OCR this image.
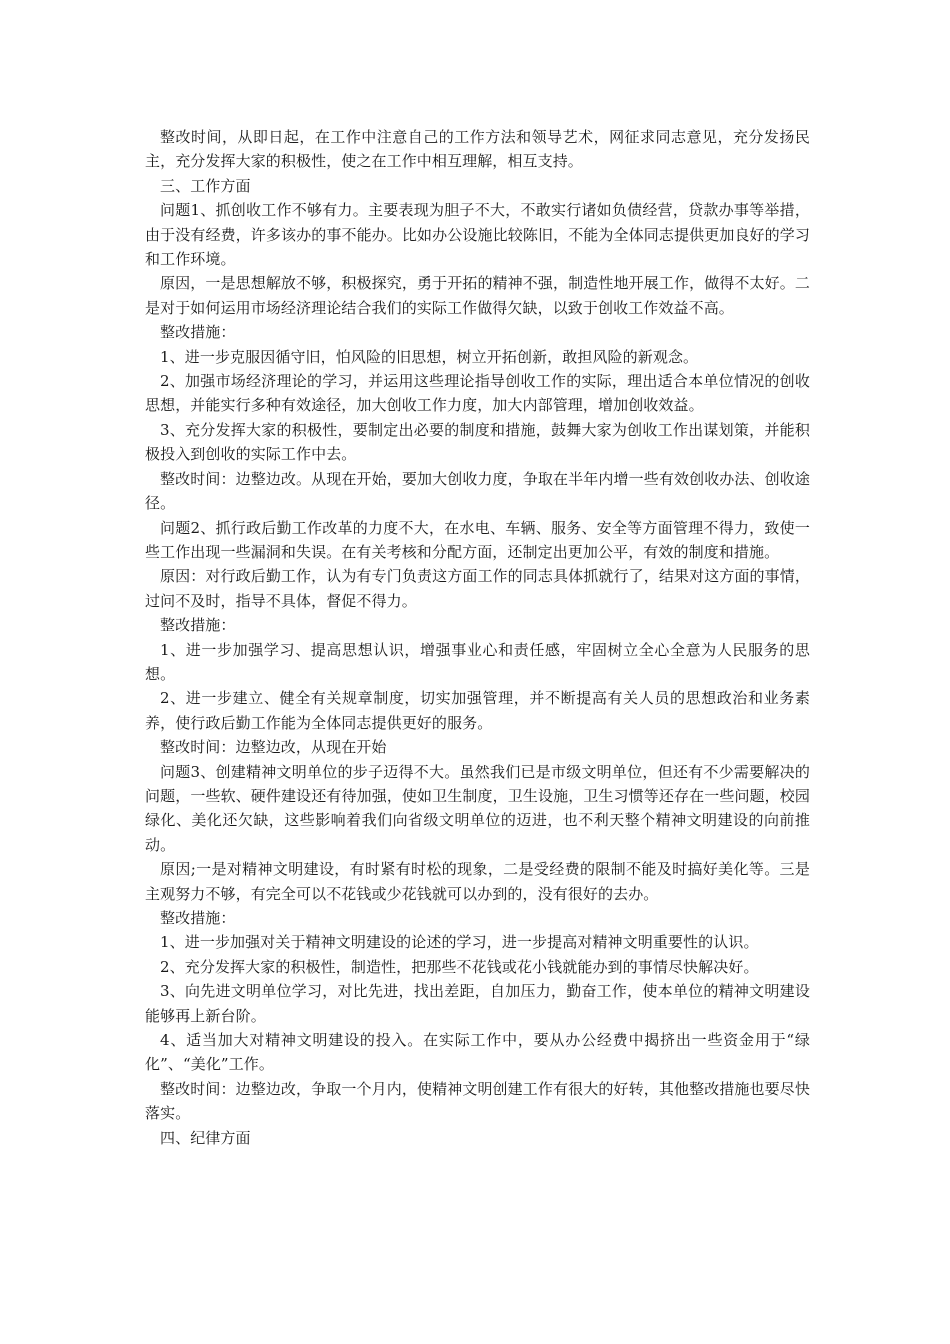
整改时间，从即日起，在工作中注意自己的工作方法和领导艺术，网征求同志意见，充分发扬民主，充分发挥大家的积极性，使之在工作中相互理解，相互支持。

三、工作方面

问题1、抓创收工作不够有力。主要表现为胆子不大，不敢实行诸如负债经营，贷款办事等举措，由于没有经费，许多该办的事不能办。比如办公设施比较陈旧，不能为全体同志提供更加良好的学习和工作环境。

原因，一是思想解放不够，积极探究，勇于开拓的精神不强，制造性地开展工作，做得不太好。二是对于如何运用市场经济理论结合我们的实际工作做得欠缺，以致于创收工作效益不高。

整改措施：

1、进一步克服因循守旧，怕风险的旧思想，树立开拓创新，敢担风险的新观念。

2、加强市场经济理论的学习，并运用这些理论指导创收工作的实际，理出适合本单位情况的创收思想，并能实行多种有效途径，加大创收工作力度，加大内部管理，增加创收效益。

3、充分发挥大家的积极性，要制定出必要的制度和措施，鼓舞大家为创收工作出谋划策，并能积极投入到创收的实际工作中去。

整改时间：边整边改。从现在开始，要加大创收力度，争取在半年内增一些有效创收办法、创收途径。

问题2、抓行政后勤工作改革的力度不大，在水电、车辆、服务、安全等方面管理不得力，致使一些工作出现一些漏洞和失误。在有关考核和分配方面，还制定出更加公平，有效的制度和措施。

原因：对行政后勤工作，认为有专门负责这方面工作的同志具体抓就行了，结果对这方面的事情，过问不及时，指导不具体，督促不得力。

整改措施：

1、进一步加强学习、提高思想认识，增强事业心和责任感，牢固树立全心全意为人民服务的思想。

2、进一步建立、健全有关规章制度，切实加强管理，并不断提高有关人员的思想政治和业务素养，使行政后勤工作能为全体同志提供更好的服务。

整改时间：边整边改，从现在开始

问题3、创建精神文明单位的步子迈得不大。虽然我们已是市级文明单位，但还有不少需要解决的问题，一些软、硬件建设还有待加强，使如卫生制度，卫生设施，卫生习惯等还存在一些问题，校园绿化、美化还欠缺，这些影响着我们向省级文明单位的迈进，也不利天整个精神文明建设的向前推动。

原因;一是对精神文明建设，有时紧有时松的现象，二是受经费的限制不能及时搞好美化等。三是主观努力不够，有完全可以不花钱或少花钱就可以办到的，没有很好的去办。

整改措施：

1、进一步加强对关于精神文明建设的论述的学习，进一步提高对精神文明重要性的认识。

2、充分发挥大家的积极性，制造性，把那些不花钱或花小钱就能办到的事情尽快解决好。

3、向先进文明单位学习，对比先进，找出差距，自加压力，勤奋工作，使本单位的精神文明建设能够再上新台阶。

4、适当加大对精神文明建设的投入。在实际工作中，要从办公经费中揭挤出一些资金用于“绿化”、“美化”工作。

整改时间：边整边改，争取一个月内，使精神文明创建工作有很大的好转，其他整改措施也要尽快落实。

四、纪律方面
